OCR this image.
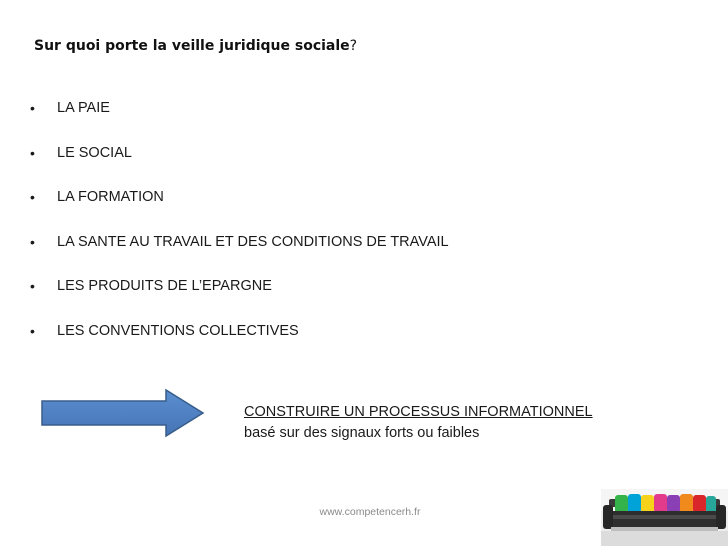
Sur quoi porte la veille juridique sociale?
•	LA PAIE
•	LE SOCIAL
•	LA FORMATION
•	LA SANTE AU TRAVAIL ET DES CONDITIONS DE TRAVAIL
•	LES PRODUITS DE L’EPARGNE
•	LES CONVENTIONS COLLECTIVES
CONSTRUIRE UN PROCESSUS INFORMATIONNEL
basé sur des signaux forts ou faibles
www.competencerh.fr
